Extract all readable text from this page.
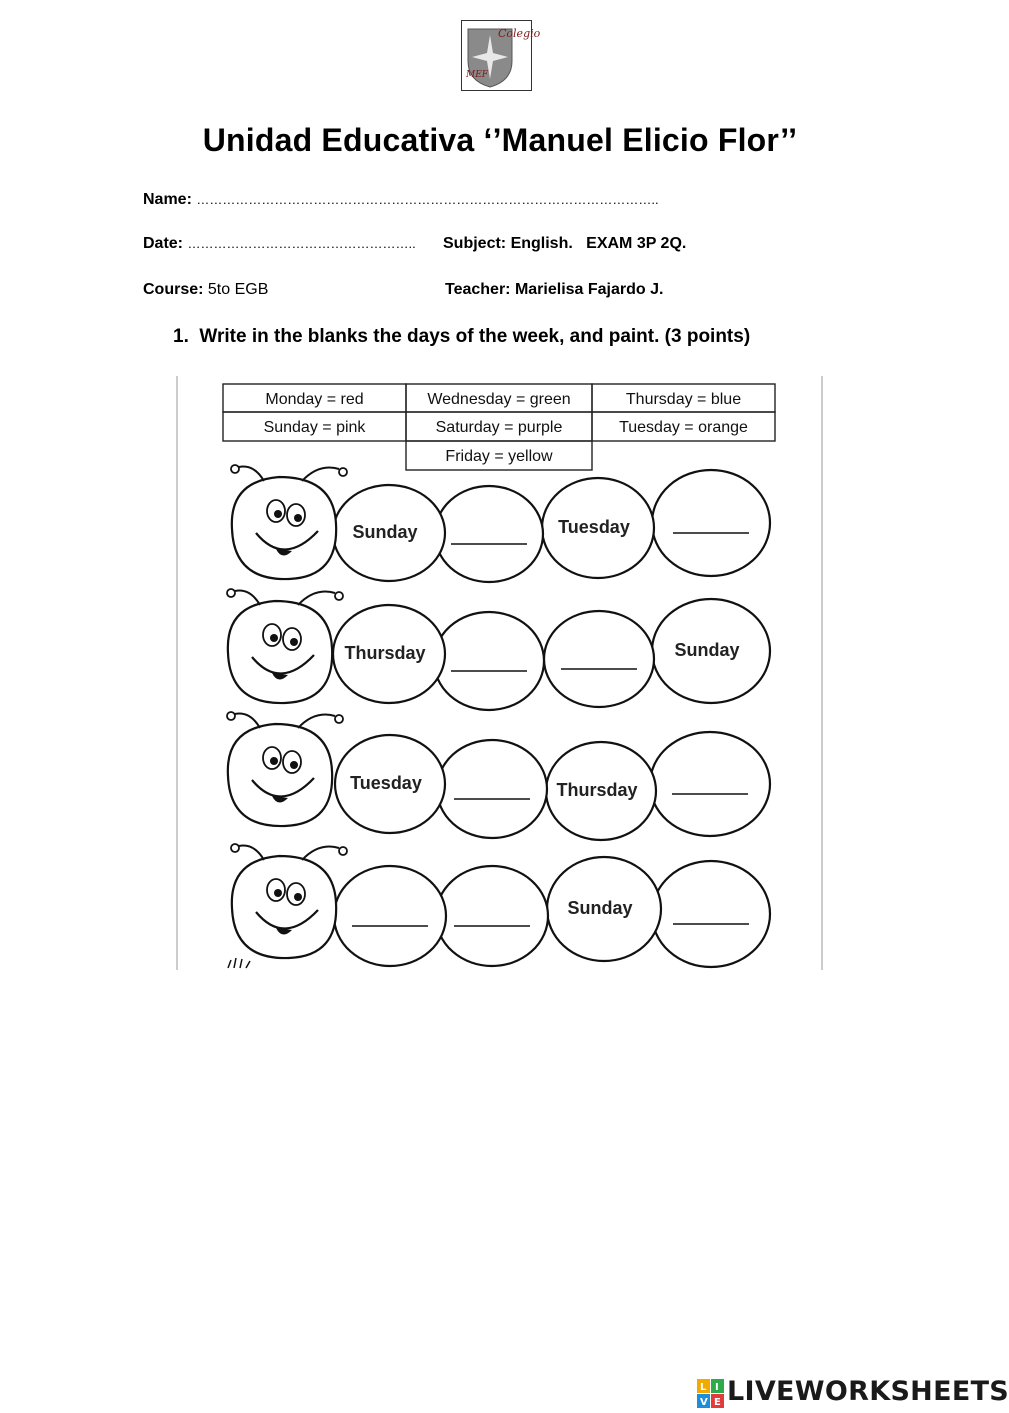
Colegio
MEF
Unidad Educativa ‘’Manuel Elicio Flor’’
Name: ……………………………………………………………………………………………..
Date: …………………………………………….. Subject: English. EXAM 3P 2Q.
Course: 5to EGB	Teacher: Marielisa Fajardo J.
1. Write in the blanks the days of the week, and paint. (3 points)
Monday = red	Wednesday = green	Thursday = blue
Sunday = pink	Saturday = purple	Tuesday = orange
Friday = yellow
Sunday	Tuesday
Thursday	Sunday
Tuesday	Thursday
Sunday
L I
V E LIVEWORKSHEETS
